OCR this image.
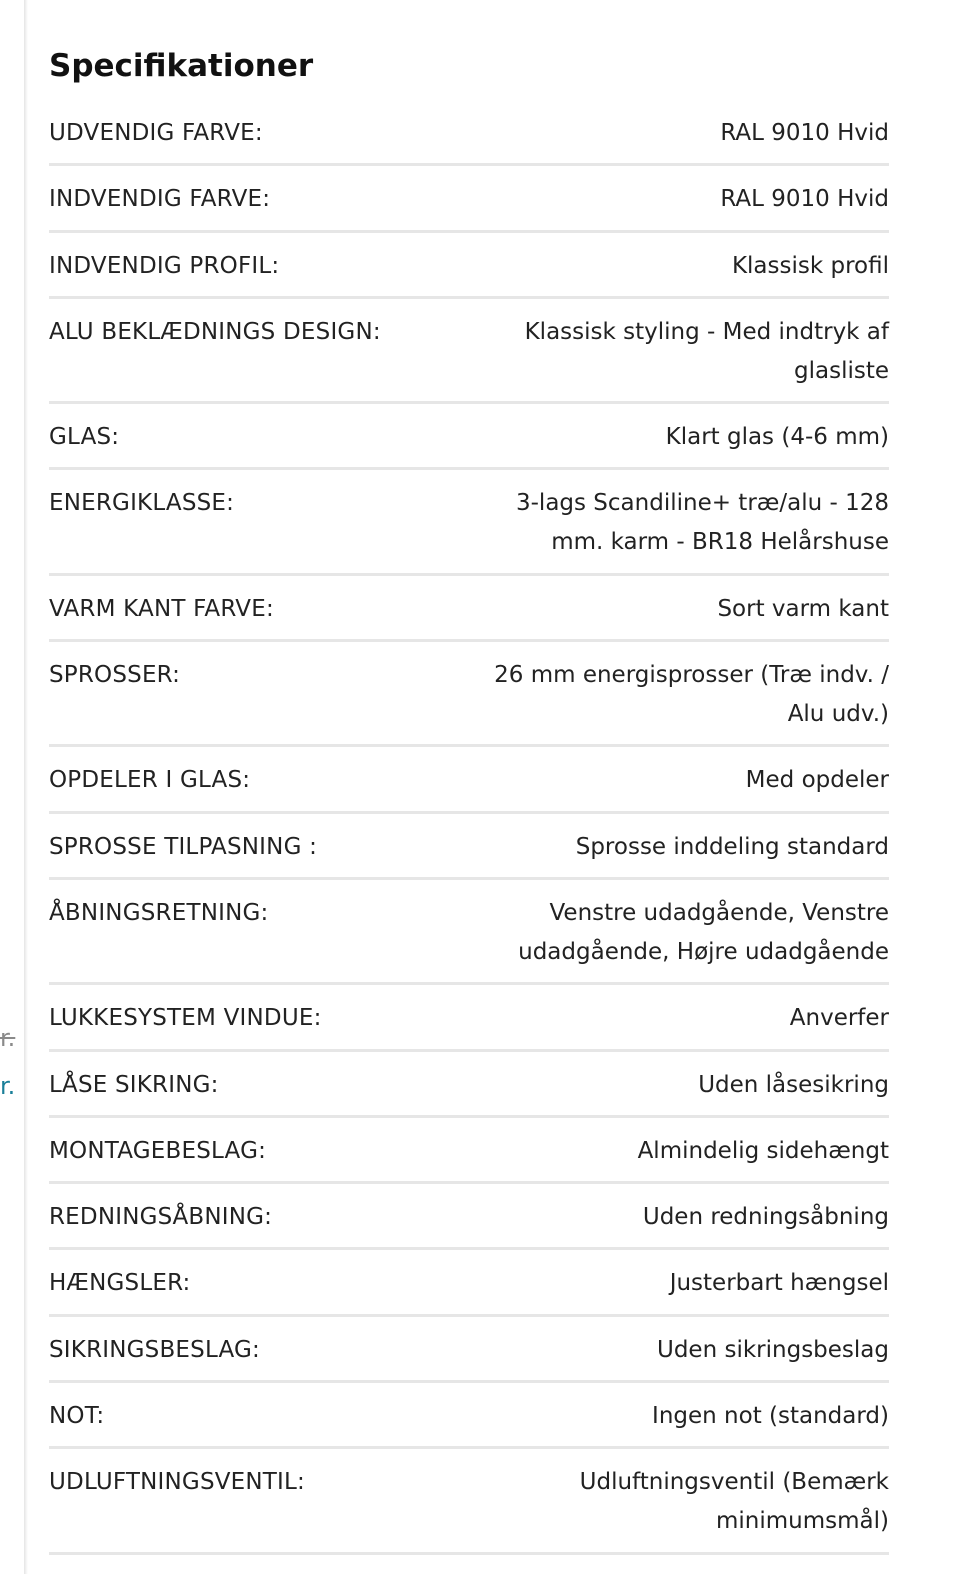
r.
r.
Specifikationer
UDVENDIG FARVE:	RAL 9010 Hvid
INDVENDIG FARVE:	RAL 9010 Hvid
INDVENDIG PROFIL:	Klassisk profil
ALU BEKLÆDNINGS DESIGN:	Klassisk styling - Med indtryk af glasliste
GLAS:	Klart glas (4-6 mm)
ENERGIKLASSE:	3-lags Scandiline+ træ/alu - 128 mm. karm - BR18 Helårshuse
VARM KANT FARVE:	Sort varm kant
SPROSSER:	26 mm energisprosser (Træ indv. / Alu udv.)
OPDELER I GLAS:	Med opdeler
SPROSSE TILPASNING :	Sprosse inddeling standard
ÅBNINGSRETNING:	Venstre udadgående, Venstre udadgående, Højre udadgående
LUKKESYSTEM VINDUE:	Anverfer
LÅSE SIKRING:	Uden låsesikring
MONTAGEBESLAG:	Almindelig sidehængt
REDNINGSÅBNING:	Uden redningsåbning
HÆNGSLER:	Justerbart hængsel
SIKRINGSBESLAG:	Uden sikringsbeslag
NOT:	Ingen not (standard)
UDLUFTNINGSVENTIL:	Udluftningsventil (Bemærk minimumsmål)
